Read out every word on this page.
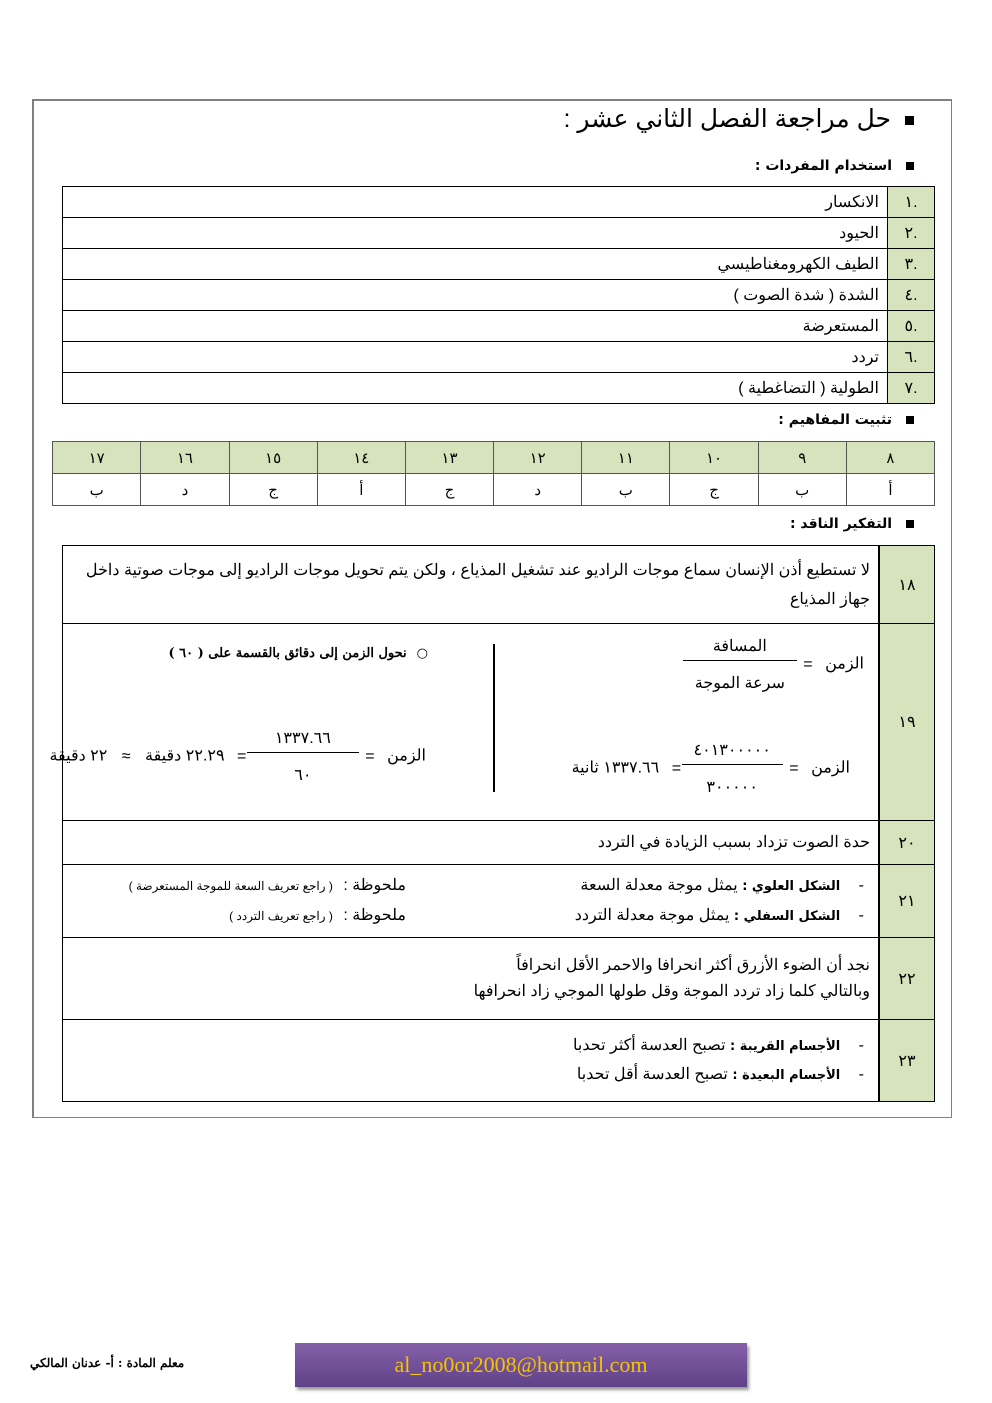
حل مراجعة الفصل الثاني عشر :
استخدام المفردات :
.١	الانكسار
.٢	الحيود
.٣	الطيف الكهرومغناطيسي
.٤	الشدة ( شدة الصوت )
.٥	المستعرضة
.٦	تردد
.٧	الطولية ( التضاغطية )
تثبيت المفاهيم :
٨	٩	١٠	١١	١٢	١٣	١٤	١٥	١٦	١٧
أ	ب	ج	ب	د	ج	أ	ج	د	ب
التفكير الناقد :
١٨	لا تستطيع أذن الإنسان سماع موجات الراديو عند تشغيل المذياع ، ولكن يتم تحويل موجات الراديو إلى موجات صوتية داخل جهاز المذياع
١٩	
الزمن =
المسافة
سرعة الموجة
الزمن =
٤٠١٣٠٠٠٠٠
٣٠٠٠٠٠
= ١٣٣٧.٦٦ ثانية
○نحول الزمن إلى دقائق بالقسمة على ( ٦٠ )
الزمن =
١٣٣٧.٦٦
٦٠
= ٢٢.٢٩ دقيقة ≈ ٢٢ دقيقة

٢٠	حدة الصوت تزداد بسبب الزيادة في التردد
٢١	- الشكل العلوي : يمثل موجة معدلة السعة
- الشكل السفلي : يمثل موجة معدلة التردد
ملحوظة : ( راجع تعريف السعة للموجة المستعرضة )
ملحوظة : ( راجع تعريف التردد )

٢٢	نجد أن الضوء الأزرق أكثر انحرافا والاحمر الأقل انحرافاً
وبالتالي كلما زاد تردد الموجة وقل طولها الموجي زاد انحرافها

٢٣	- الأجسام القريبة : تصبح العدسة أكثر تحدبا
- الأجسام البعيدة : تصبح العدسة أقل تحدبا
معلم المادة : أ- عدنان المالكي	al_no0or2008@hotmail.com
